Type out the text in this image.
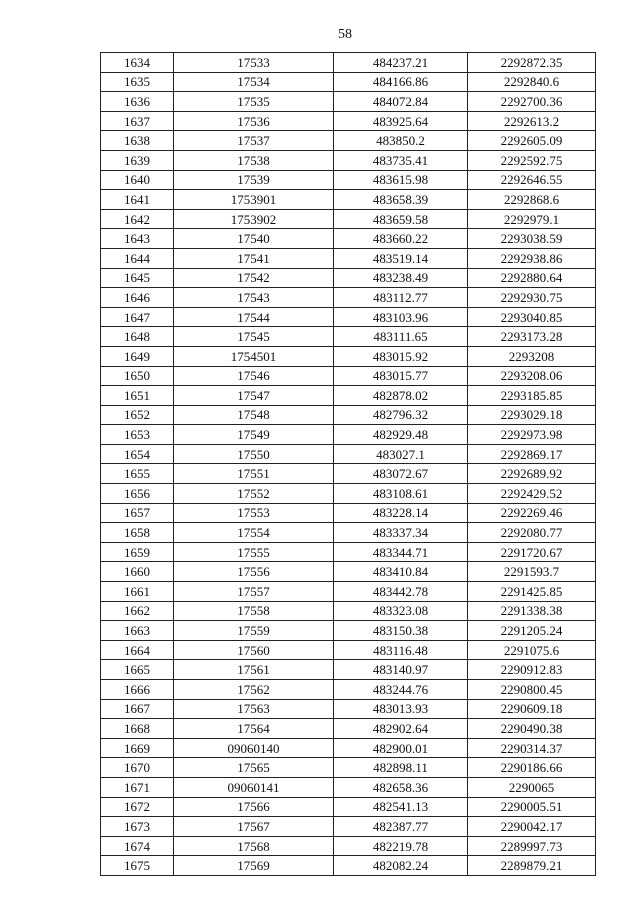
58
1634	17533	484237.21	2292872.35
1635	17534	484166.86	2292840.6
1636	17535	484072.84	2292700.36
1637	17536	483925.64	2292613.2
1638	17537	483850.2	2292605.09
1639	17538	483735.41	2292592.75
1640	17539	483615.98	2292646.55
1641	1753901	483658.39	2292868.6
1642	1753902	483659.58	2292979.1
1643	17540	483660.22	2293038.59
1644	17541	483519.14	2292938.86
1645	17542	483238.49	2292880.64
1646	17543	483112.77	2292930.75
1647	17544	483103.96	2293040.85
1648	17545	483111.65	2293173.28
1649	1754501	483015.92	2293208
1650	17546	483015.77	2293208.06
1651	17547	482878.02	2293185.85
1652	17548	482796.32	2293029.18
1653	17549	482929.48	2292973.98
1654	17550	483027.1	2292869.17
1655	17551	483072.67	2292689.92
1656	17552	483108.61	2292429.52
1657	17553	483228.14	2292269.46
1658	17554	483337.34	2292080.77
1659	17555	483344.71	2291720.67
1660	17556	483410.84	2291593.7
1661	17557	483442.78	2291425.85
1662	17558	483323.08	2291338.38
1663	17559	483150.38	2291205.24
1664	17560	483116.48	2291075.6
1665	17561	483140.97	2290912.83
1666	17562	483244.76	2290800.45
1667	17563	483013.93	2290609.18
1668	17564	482902.64	2290490.38
1669	09060140	482900.01	2290314.37
1670	17565	482898.11	2290186.66
1671	09060141	482658.36	2290065
1672	17566	482541.13	2290005.51
1673	17567	482387.77	2290042.17
1674	17568	482219.78	2289997.73
1675	17569	482082.24	2289879.21
